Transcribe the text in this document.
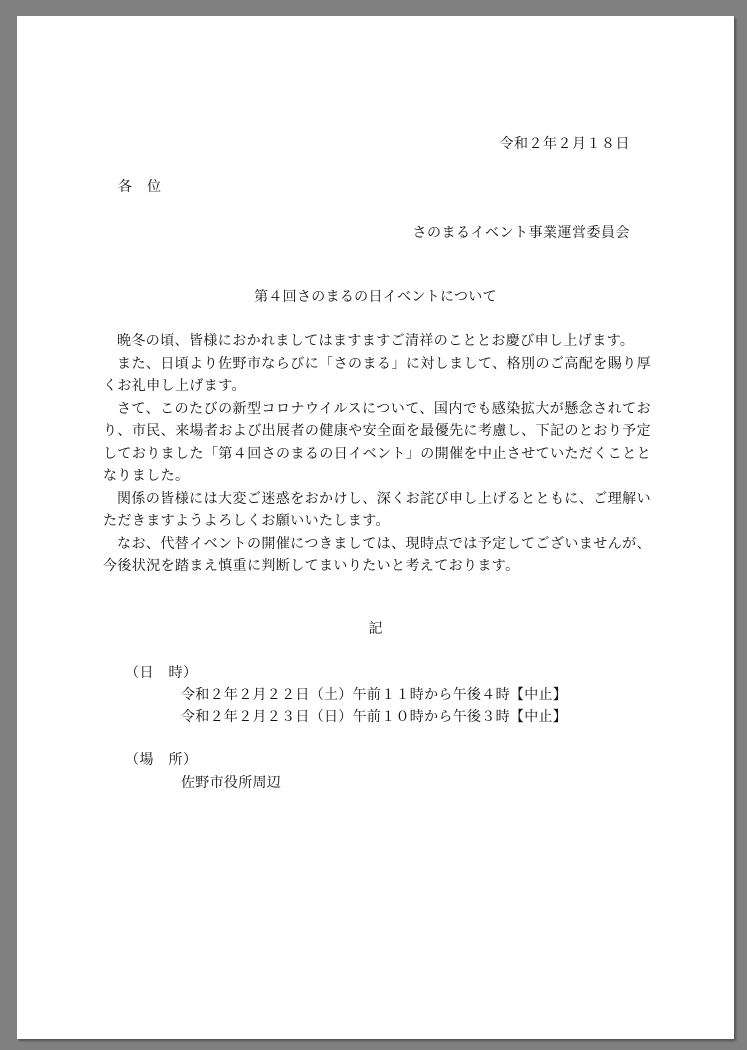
令和２年２月１８日
各　位
さのまるイベント事業運営委員会
第４回さのまるの日イベントについて

晩冬の頃、皆様におかれましてはますますご清祥のこととお慶び申し上げます。

また、日頃より佐野市ならびに「さのまる」に対しまして、格別のご高配を賜り厚くお礼申し上げます。

さて、このたびの新型コロナウイルスについて、国内でも感染拡大が懸念されており、市民、来場者および出展者の健康や安全面を最優先に考慮し、下記のとおり予定しておりました「第４回さのまるの日イベント」の開催を中止させていただくこととなりました。

関係の皆様には大変ご迷惑をおかけし、深くお詫び申し上げるとともに、ご理解いただきますようよろしくお願いいたします。

なお、代替イベントの開催につきましては、現時点では予定してございませんが、今後状況を踏まえ慎重に判断してまいりたいと考えております。

記
（日　時）
令和２年２月２２日（土）午前１１時から午後４時【中止】
令和２年２月２３日（日）午前１０時から午後３時【中止】
（場　所）
佐野市役所周辺
